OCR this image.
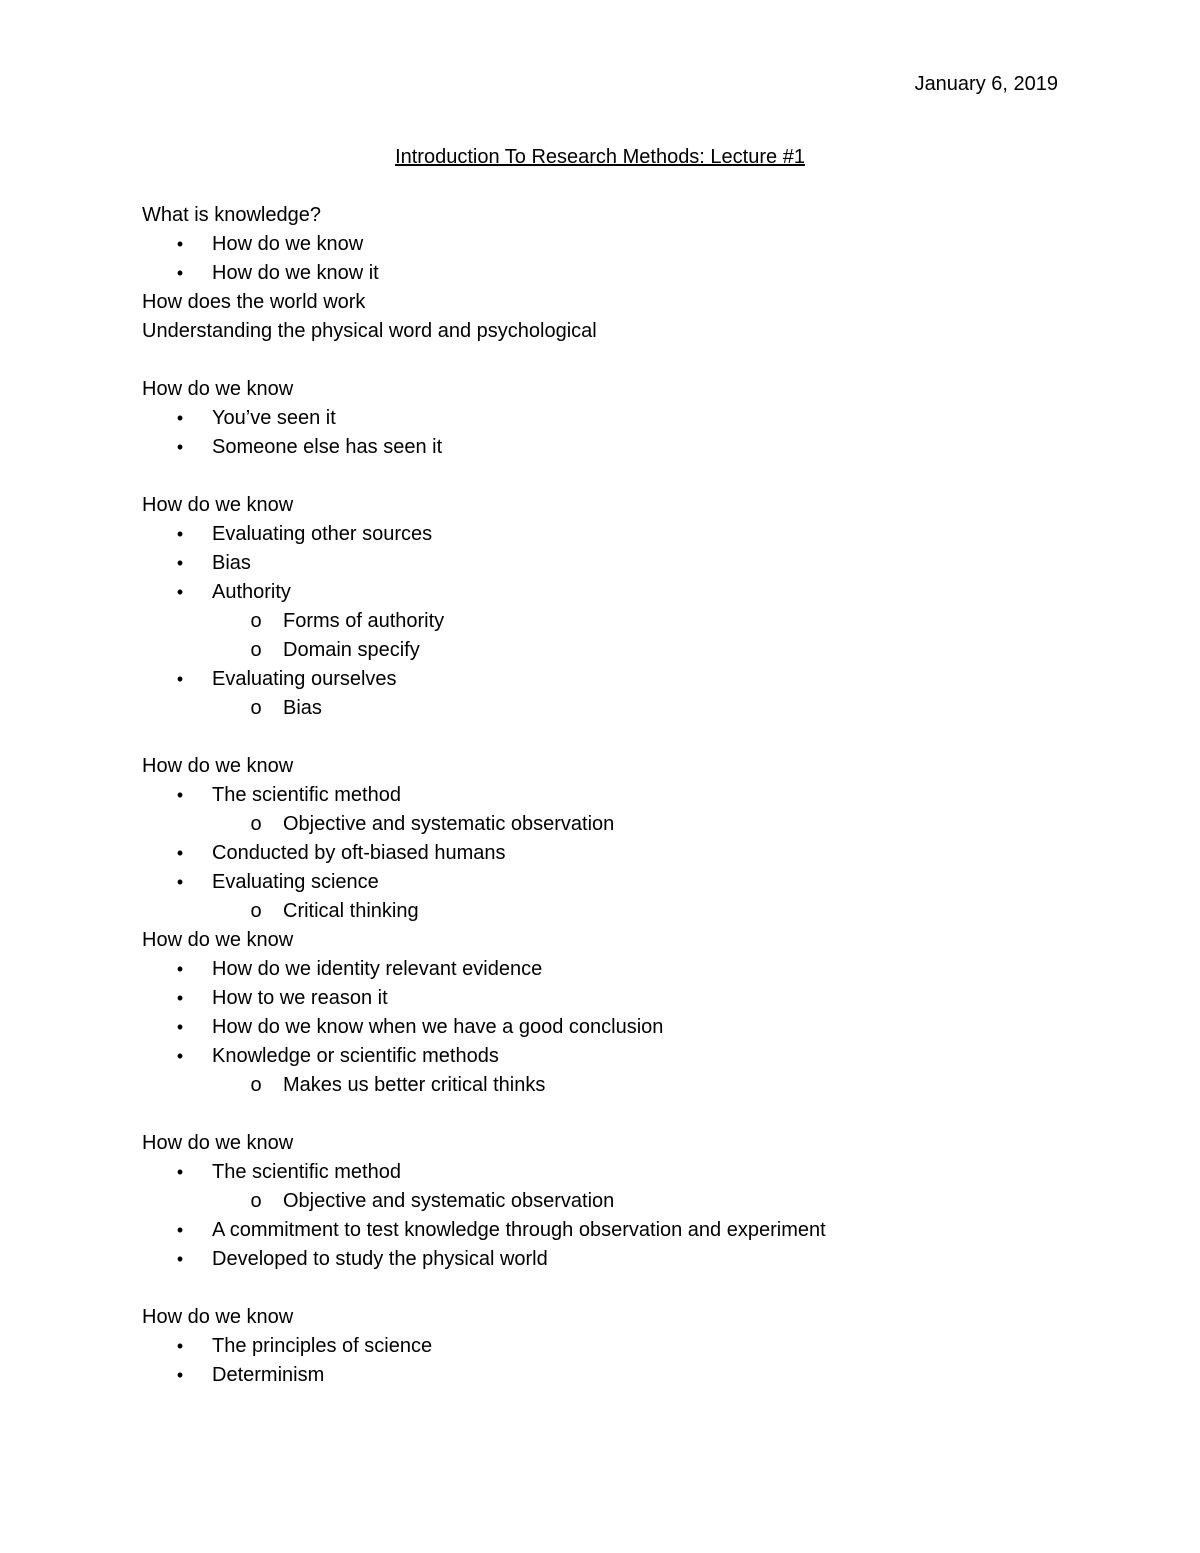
January 6, 2019
Introduction To Research Methods: Lecture #1
What is knowledge?
•	How do we know
•	How do we know it
How does the world work
Understanding the physical word and psychological
How do we know
•	You’ve seen it
•	Someone else has seen it
How do we know
•	Evaluating other sources
•	Bias
•	Authority
o Forms of authority
o Domain specify
•	Evaluating ourselves
o Bias
How do we know
•	The scientific method
o Objective and systematic observation
•	Conducted by oft-biased humans
•	Evaluating science
o Critical thinking
How do we know
•	How do we identity relevant evidence
•	How to we reason it
•	How do we know when we have a good conclusion
•	Knowledge or scientific methods
o Makes us better critical thinks
How do we know
•	The scientific method
o Objective and systematic observation
•	A commitment to test knowledge through observation and experiment
•	Developed to study the physical world
How do we know
•	The principles of science
•	Determinism
